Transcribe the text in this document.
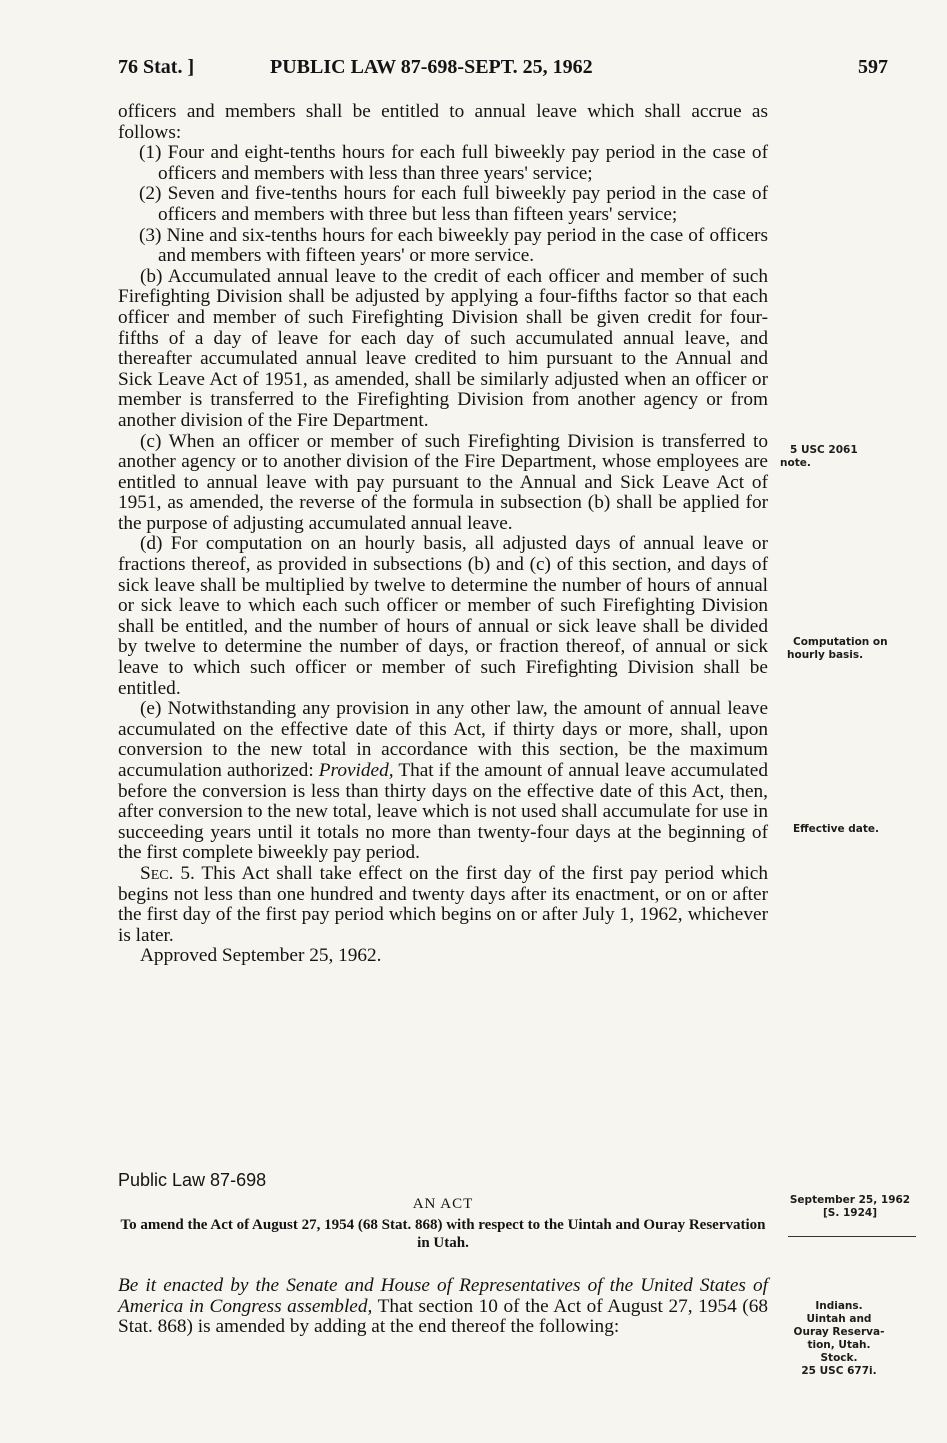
76 Stat. ]	PUBLIC LAW 87-698-SEPT. 25, 1962	597

officers and members shall be entitled to annual leave which shall accrue as follows:

(1) Four and eight-tenths hours for each full biweekly pay period in the case of officers and members with less than three years' service;

(2) Seven and five-tenths hours for each full biweekly pay period in the case of officers and members with three but less than fifteen years' service;

(3) Nine and six-tenths hours for each biweekly pay period in the case of officers and members with fifteen years' or more service.

(b) Accumulated annual leave to the credit of each officer and member of such Firefighting Division shall be adjusted by applying a four-fifths factor so that each officer and member of such Firefighting Division shall be given credit for four-fifths of a day of leave for each day of such accumulated annual leave, and thereafter accumulated annual leave credited to him pursuant to the Annual and Sick Leave Act of 1951, as amended, shall be similarly adjusted when an officer or member is transferred to the Firefighting Division from another agency or from another division of the Fire Department.

(c) When an officer or member of such Firefighting Division is transferred to another agency or to another division of the Fire Department, whose employees are entitled to annual leave with pay pursuant to the Annual and Sick Leave Act of 1951, as amended, the reverse of the formula in subsection (b) shall be applied for the purpose of adjusting accumulated annual leave.

(d) For computation on an hourly basis, all adjusted days of annual leave or fractions thereof, as provided in subsections (b) and (c) of this section, and days of sick leave shall be multiplied by twelve to determine the number of hours of annual or sick leave to which each such officer or member of such Firefighting Division shall be entitled, and the number of hours of annual or sick leave shall be divided by twelve to determine the number of days, or fraction thereof, of annual or sick leave to which such officer or member of such Firefighting Division shall be entitled.

(e) Notwithstanding any provision in any other law, the amount of annual leave accumulated on the effective date of this Act, if thirty days or more, shall, upon conversion to the new total in accordance with this section, be the maximum accumulation authorized: Provided, That if the amount of annual leave accumulated before the conversion is less than thirty days on the effective date of this Act, then, after conversion to the new total, leave which is not used shall accumulate for use in succeeding years until it totals no more than twenty-four days at the beginning of the first complete biweekly pay period.

Sec. 5. This Act shall take effect on the first day of the first pay period which begins not less than one hundred and twenty days after its enactment, or on or after the first day of the first pay period which begins on or after July 1, 1962, whichever is later.

Approved September 25, 1962.

Public Law 87-698
AN ACT
To amend the Act of August 27, 1954 (68 Stat. 868) with respect to the Uintah and Ouray Reservation in Utah.
Be it enacted by the Senate and House of Representatives of the United States of America in Congress assembled, That section 10 of the Act of August 27, 1954 (68 Stat. 868) is amended by adding at the end thereof the following:
5 USC 2061
note.
Computation on
hourly basis.
Effective date.
September 25, 1962
[S. 1924]
Indians.
Uintah and
Ouray Reserva-
tion, Utah.
Stock.
25 USC 677i.
